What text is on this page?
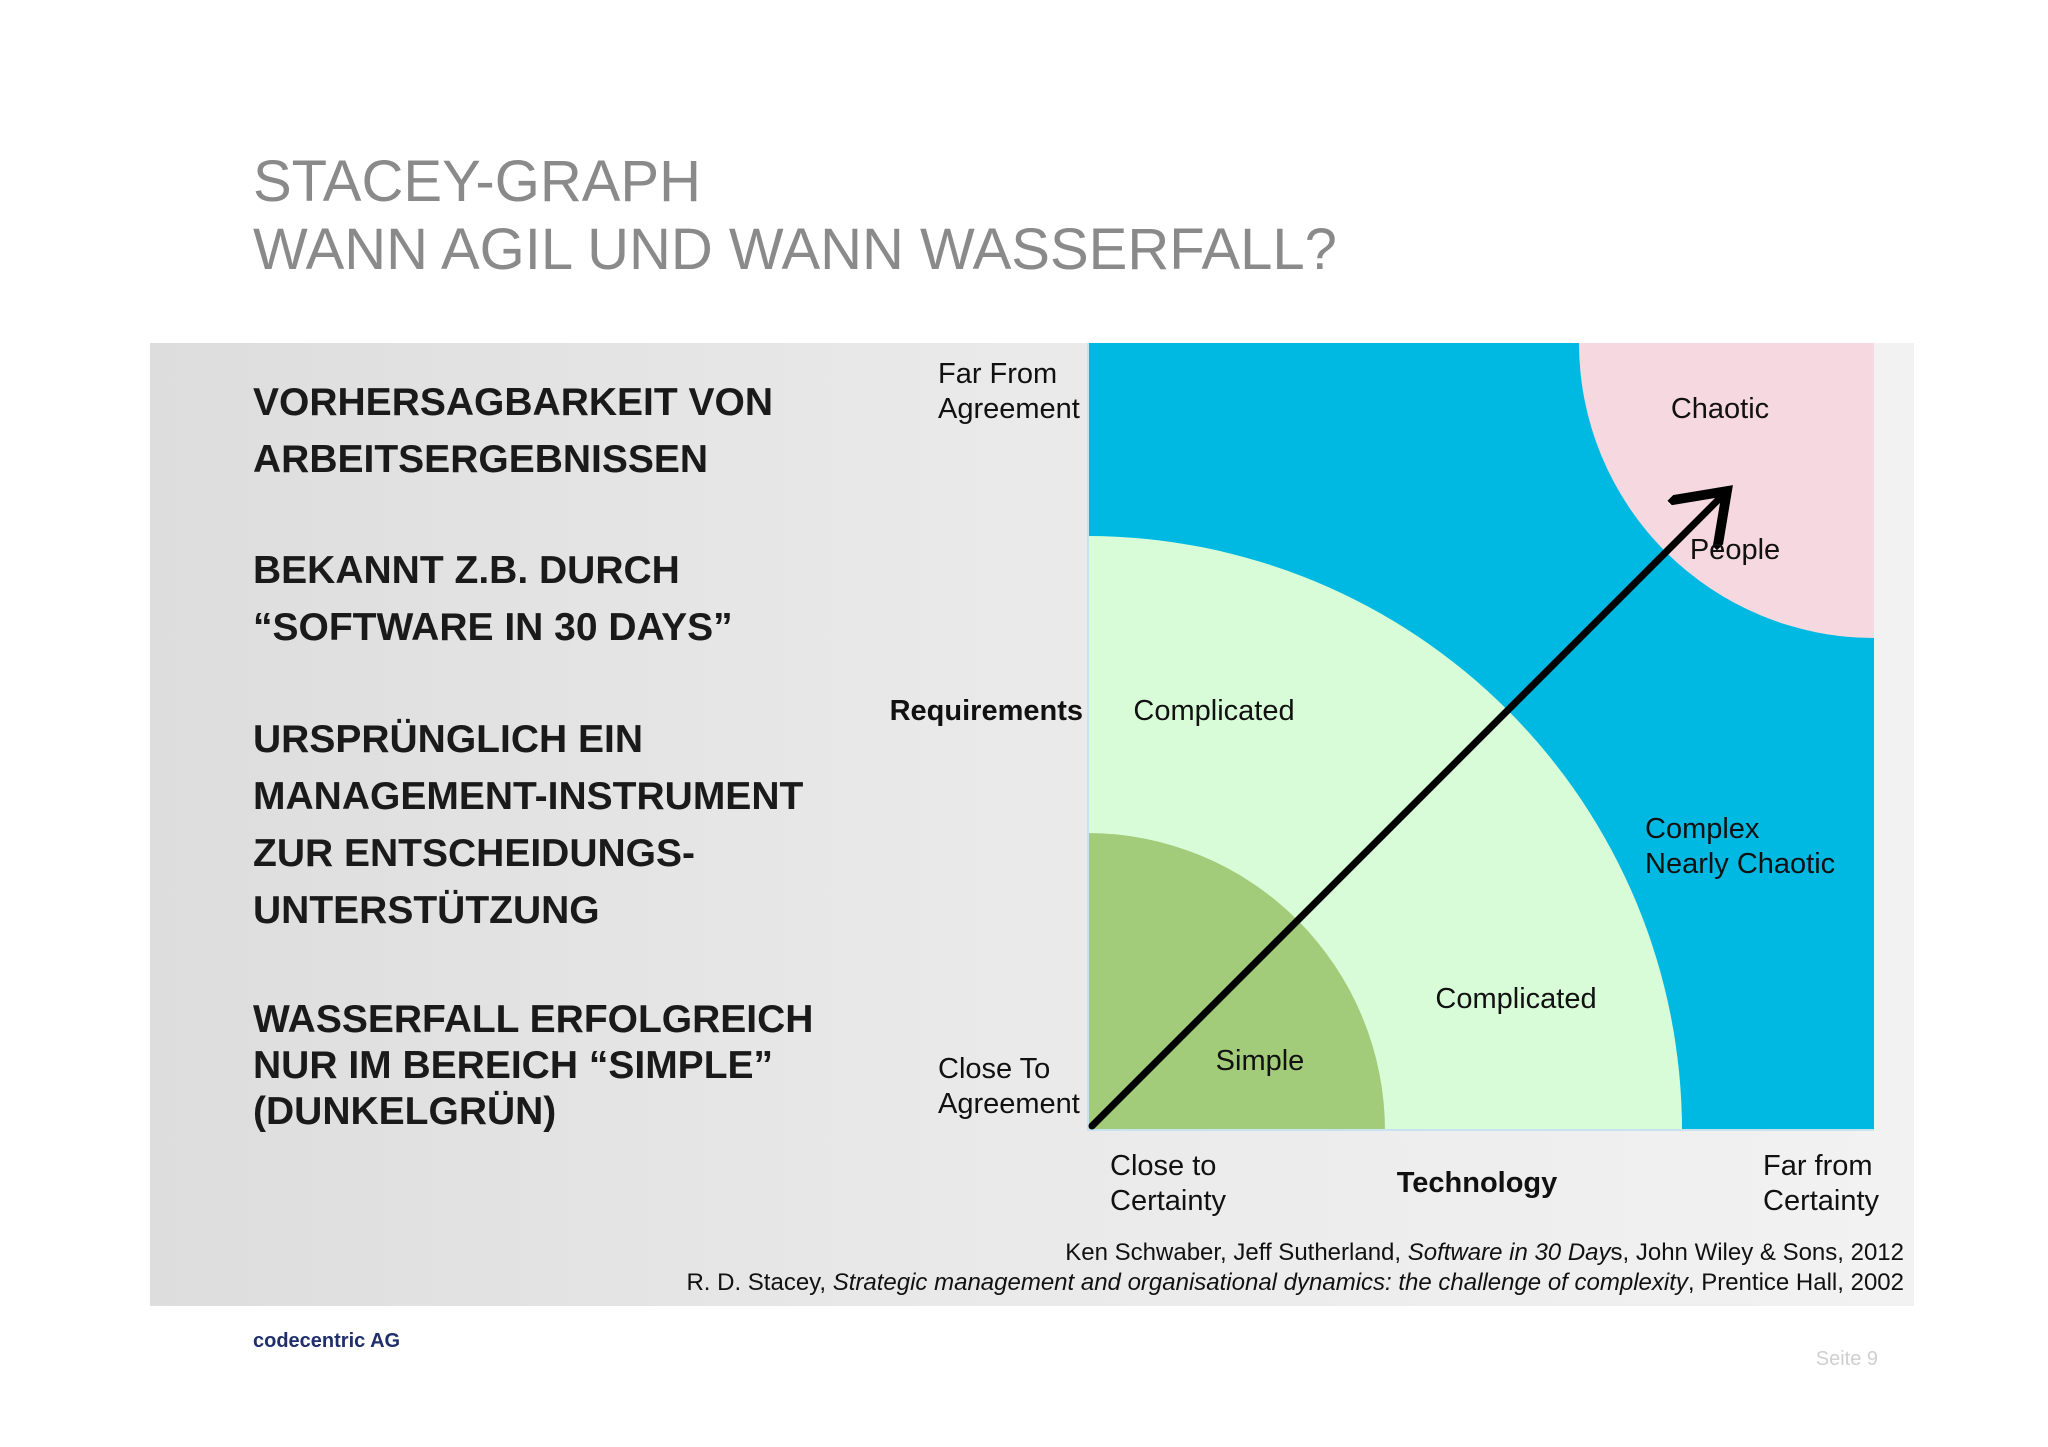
STACEY-GRAPH
WANN AGIL UND WANN WASSERFALL?

VORHERSAGBARKEIT VON
ARBEITSERGEBNISSEN

BEKANNT Z.B. DURCH
“SOFTWARE IN 30 DAYS”

URSPRÜNGLICH EIN
MANAGEMENT-INSTRUMENT
ZUR ENTSCHEIDUNGS-
UNTERSTÜTZUNG

WASSERFALL ERFOLGREICH
NUR IM BEREICH “SIMPLE”
(DUNKELGRÜN)

Chaotic
People
Complicated
Complex Nearly Chaotic
Complicated
Simple
Far From Agreement
Requirements
Close To Agreement
Close to Certainty
Technology
Far from Certainty
Ken Schwaber, Jeff Sutherland, Software in 30 Days, John Wiley & Sons, 2012
R. D. Stacey, Strategic management and organisational dynamics: the challenge of complexity, Prentice Hall, 2002
codecentric AG
Seite 9
